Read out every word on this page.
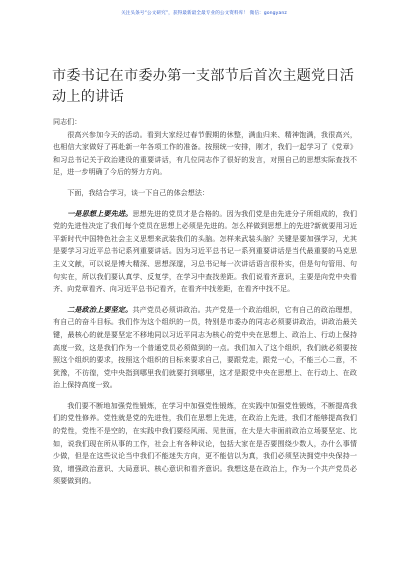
关注头条号“公文研究”，获得最新最全最专业的公文资料库！ 微信：gongyanz
市委书记在市委办第一支部节后首次主题党日活动上的讲话

同志们：

很高兴参加今天的活动。看到大家经过春节假期的休整，满血归来、精神饱满，我很高兴，也相信大家做好了再赴新一年各项工作的准备。按照统一安排，刚才，我们一起学习了《党章》和习总书记关于政治建设的重要讲话，有几位同志作了很好的发言，对照自己的思想实际查找不足，进一步明确了今后的努力方向。

下面，我结合学习，谈一下自己的体会想法：

一是思想上要先进。思想先进的党员才是合格的。因为我们党是由先进分子所组成的，我们党的先进性决定了我们每个党员在思想上必须是先进的。怎么样做到思想上的先进?新就要用习近平新时代中国特色社会主义思想来武装我们的头脑。怎样来武装头脑？关键是要加强学习，尤其是要学习习近平总书记系列重要讲话。因为习近平总书记一系列重要讲话是当代最重要的马克思主义文献，可以说是博大精深、思想深邃，习总书记每一次讲话语言很朴实，但是句句管用、句句实在，所以我们要认真学、反复学，在学习中查找差距。我们说看齐意识，主要是向党中央看齐、向党章看齐、向习近平总书记看齐，在看齐中找差距，在看齐中找不足。

二是政治上要坚定。共产党员必须讲政治。共产党是一个政治组织，它有自己的政治理想，有自己的奋斗目标。我们作为这个组织的一员，特别是市委办的同志必须要讲政治，讲政治最关键，最核心的就是要坚定不移地同以习近平同志为核心的党中央在思想上、政治上、行动上保持高度一致，这是我们作为一个普通党员必须做到的一点。我们加入了这个组织，我们就必须要按照这个组织的要求，按照这个组织的目标来要求自己，要跟党走，跟党一心，不能三心二意，不犹豫，不彷徨，党中央指到哪里我们就要打到哪里，这才是跟党中央在思想上、在行动上、在政治上保持高度一致。

我们要不断地加强党性锻炼，在学习中加强党性锻炼，在实践中加强党性锻炼，不断提高我们的党性修养。党性就是党的先进性，我们在思想上先进，在政治上先进，我们才能够提高我们的党性，党性不是空的，在实践中我们要经风雨、见世面，在大是大非面前政治立场要坚定、比如，说我们现在所从事的工作，社会上有各种议论，包括大家在是否要围绕少数人，办什么事情少做，但是在这些议论当中我们不能迷失方向，更不能信以为真，我们必须坚决拥党中央保持一致，增强政治意识、大局意识、核心意识和看齐意识。我想这是在政治上，作为一个共产党员必须要做到的。
